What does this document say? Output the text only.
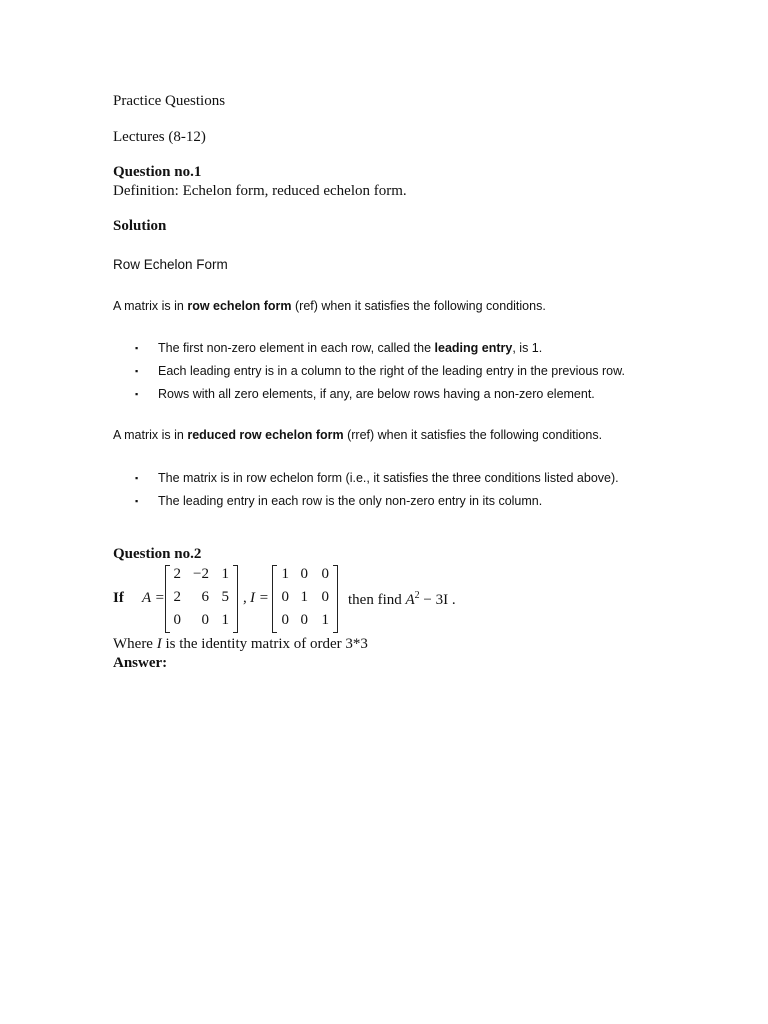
Practice Questions
Lectures (8-12)
Question no.1
Definition: Echelon form, reduced echelon form.
Solution
Row Echelon Form
A matrix is in row echelon form (ref) when it satisfies the following conditions.
▪ The first non-zero element in each row, called the leading entry, is 1.
▪ Each leading entry is in a column to the right of the leading entry in the previous row.
▪ Rows with all zero elements, if any, are below rows having a non-zero element.
A matrix is in reduced row echelon form (rref) when it satisfies the following conditions.
▪ The matrix is in row echelon form (i.e., it satisfies the three conditions listed above).
▪ The leading entry in each row is the only non-zero entry in its column.
Question no.2
If A =
2 −2 1
2	6 5
0	0 1
, I =
1 0 0
0 1 0
0 0 1
then find $A^2 - 3I$ .
Where I is the identity matrix of order 3*3
Answer:
